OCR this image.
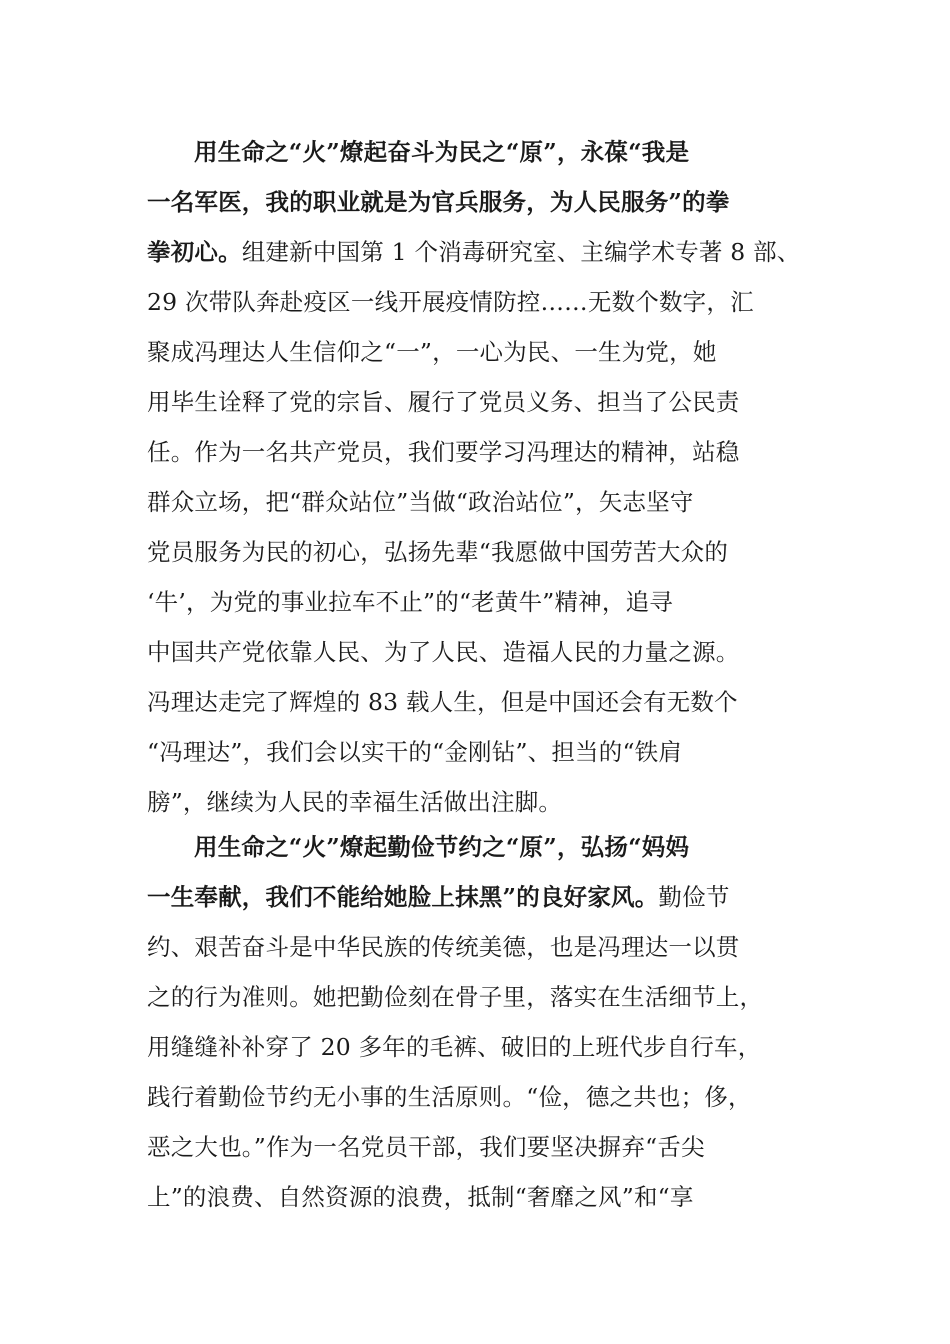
用生命之“火”燎起奋斗为民之“原”，永葆“我是
一名军医，我的职业就是为官兵服务，为人民服务”的拳
拳初心。组建新中国第 1 个消毒研究室、主编学术专著 8 部、
29 次带队奔赴疫区一线开展疫情防控……无数个数字，汇
聚成冯理达人生信仰之“一”，一心为民、一生为党，她
用毕生诠释了党的宗旨、履行了党员义务、担当了公民责
任。作为一名共产党员，我们要学习冯理达的精神，站稳
群众立场，把“群众站位”当做“政治站位”，矢志坚守
党员服务为民的初心，弘扬先辈“我愿做中国劳苦大众的
‘牛’，为党的事业拉车不止”的“老黄牛”精神，追寻
中国共产党依靠人民、为了人民、造福人民的力量之源。
冯理达走完了辉煌的 83 载人生，但是中国还会有无数个
“冯理达”，我们会以实干的“金刚钻”、担当的“铁肩
膀”，继续为人民的幸福生活做出注脚。
用生命之“火”燎起勤俭节约之“原”，弘扬“妈妈
一生奉献，我们不能给她脸上抹黑”的良好家风。勤俭节
约、艰苦奋斗是中华民族的传统美德，也是冯理达一以贯
之的行为准则。她把勤俭刻在骨子里，落实在生活细节上，
用缝缝补补穿了 20 多年的毛裤、破旧的上班代步自行车，
践行着勤俭节约无小事的生活原则。“俭，德之共也；侈，
恶之大也。”作为一名党员干部，我们要坚决摒弃“舌尖
上”的浪费、自然资源的浪费，抵制“奢靡之风”和“享
